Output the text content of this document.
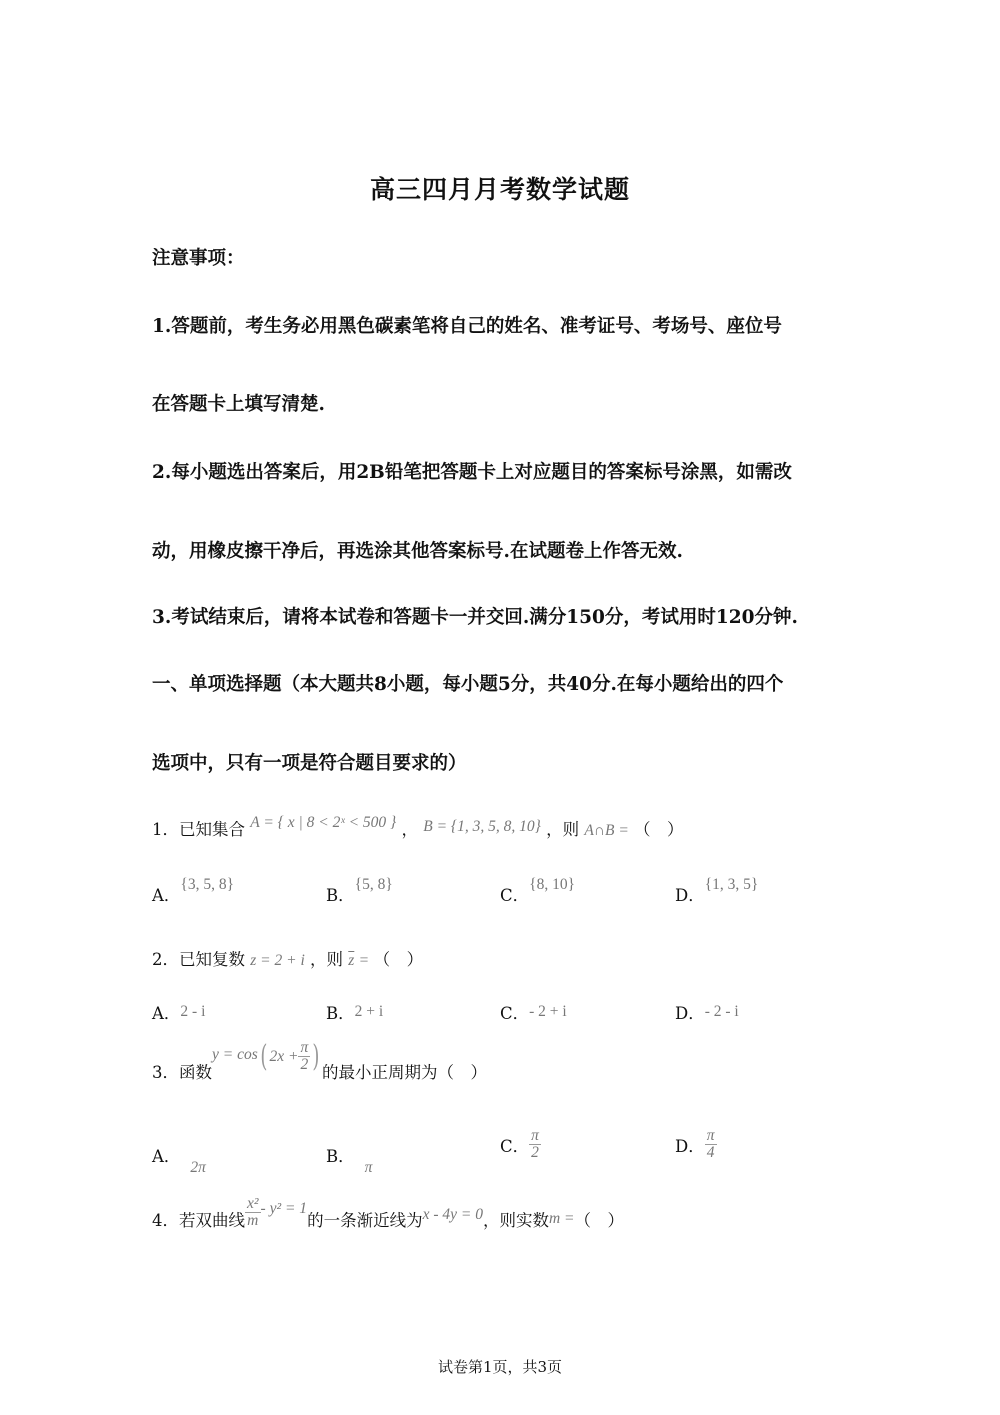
高三四月月考数学试题
注意事项：
1.答题前，考生务必用黑色碳素笔将自己的姓名、准考证号、考场号、座位号
在答题卡上填写清楚.
2.每小题选出答案后，用2B铅笔把答题卡上对应题目的答案标号涂黑，如需改
动，用橡皮擦干净后，再选涂其他答案标号.在试题卷上作答无效.
3.考试结束后，请将本试卷和答题卡一并交回.满分150分，考试用时120分钟.
一、单项选择题（本大题共8小题，每小题5分，共40分.在每小题给出的四个
选项中，只有一项是符合题目要求的）
1．已知集合 A = { x | 8 < 2ˣ < 500 } ， B = {1, 3, 5, 8, 10} ，则 A∩B = （　）
A．{3, 5, 8}
B．{5, 8}
C．{8, 10}
D．{1, 3, 5}
2．已知复数 z = 2 + i ，则 $\overline{z}$ = （　）
A．2 - i	B．2 + i	C．- 2 + i	D．- 2 - i
3．函数y = cos( $2x + \frac{\pi}{2}$ ) 的最小正周期为（　）
A．2π
B．π
C． $\frac{\pi}{2}$	D． $\frac{\pi}{4}$
4．若双曲线 $\frac{\text{x²}}{m} - y^2 = 1$的一条渐近线为x - 4y = 0，则实数m =（　）
试卷第1页，共3页
